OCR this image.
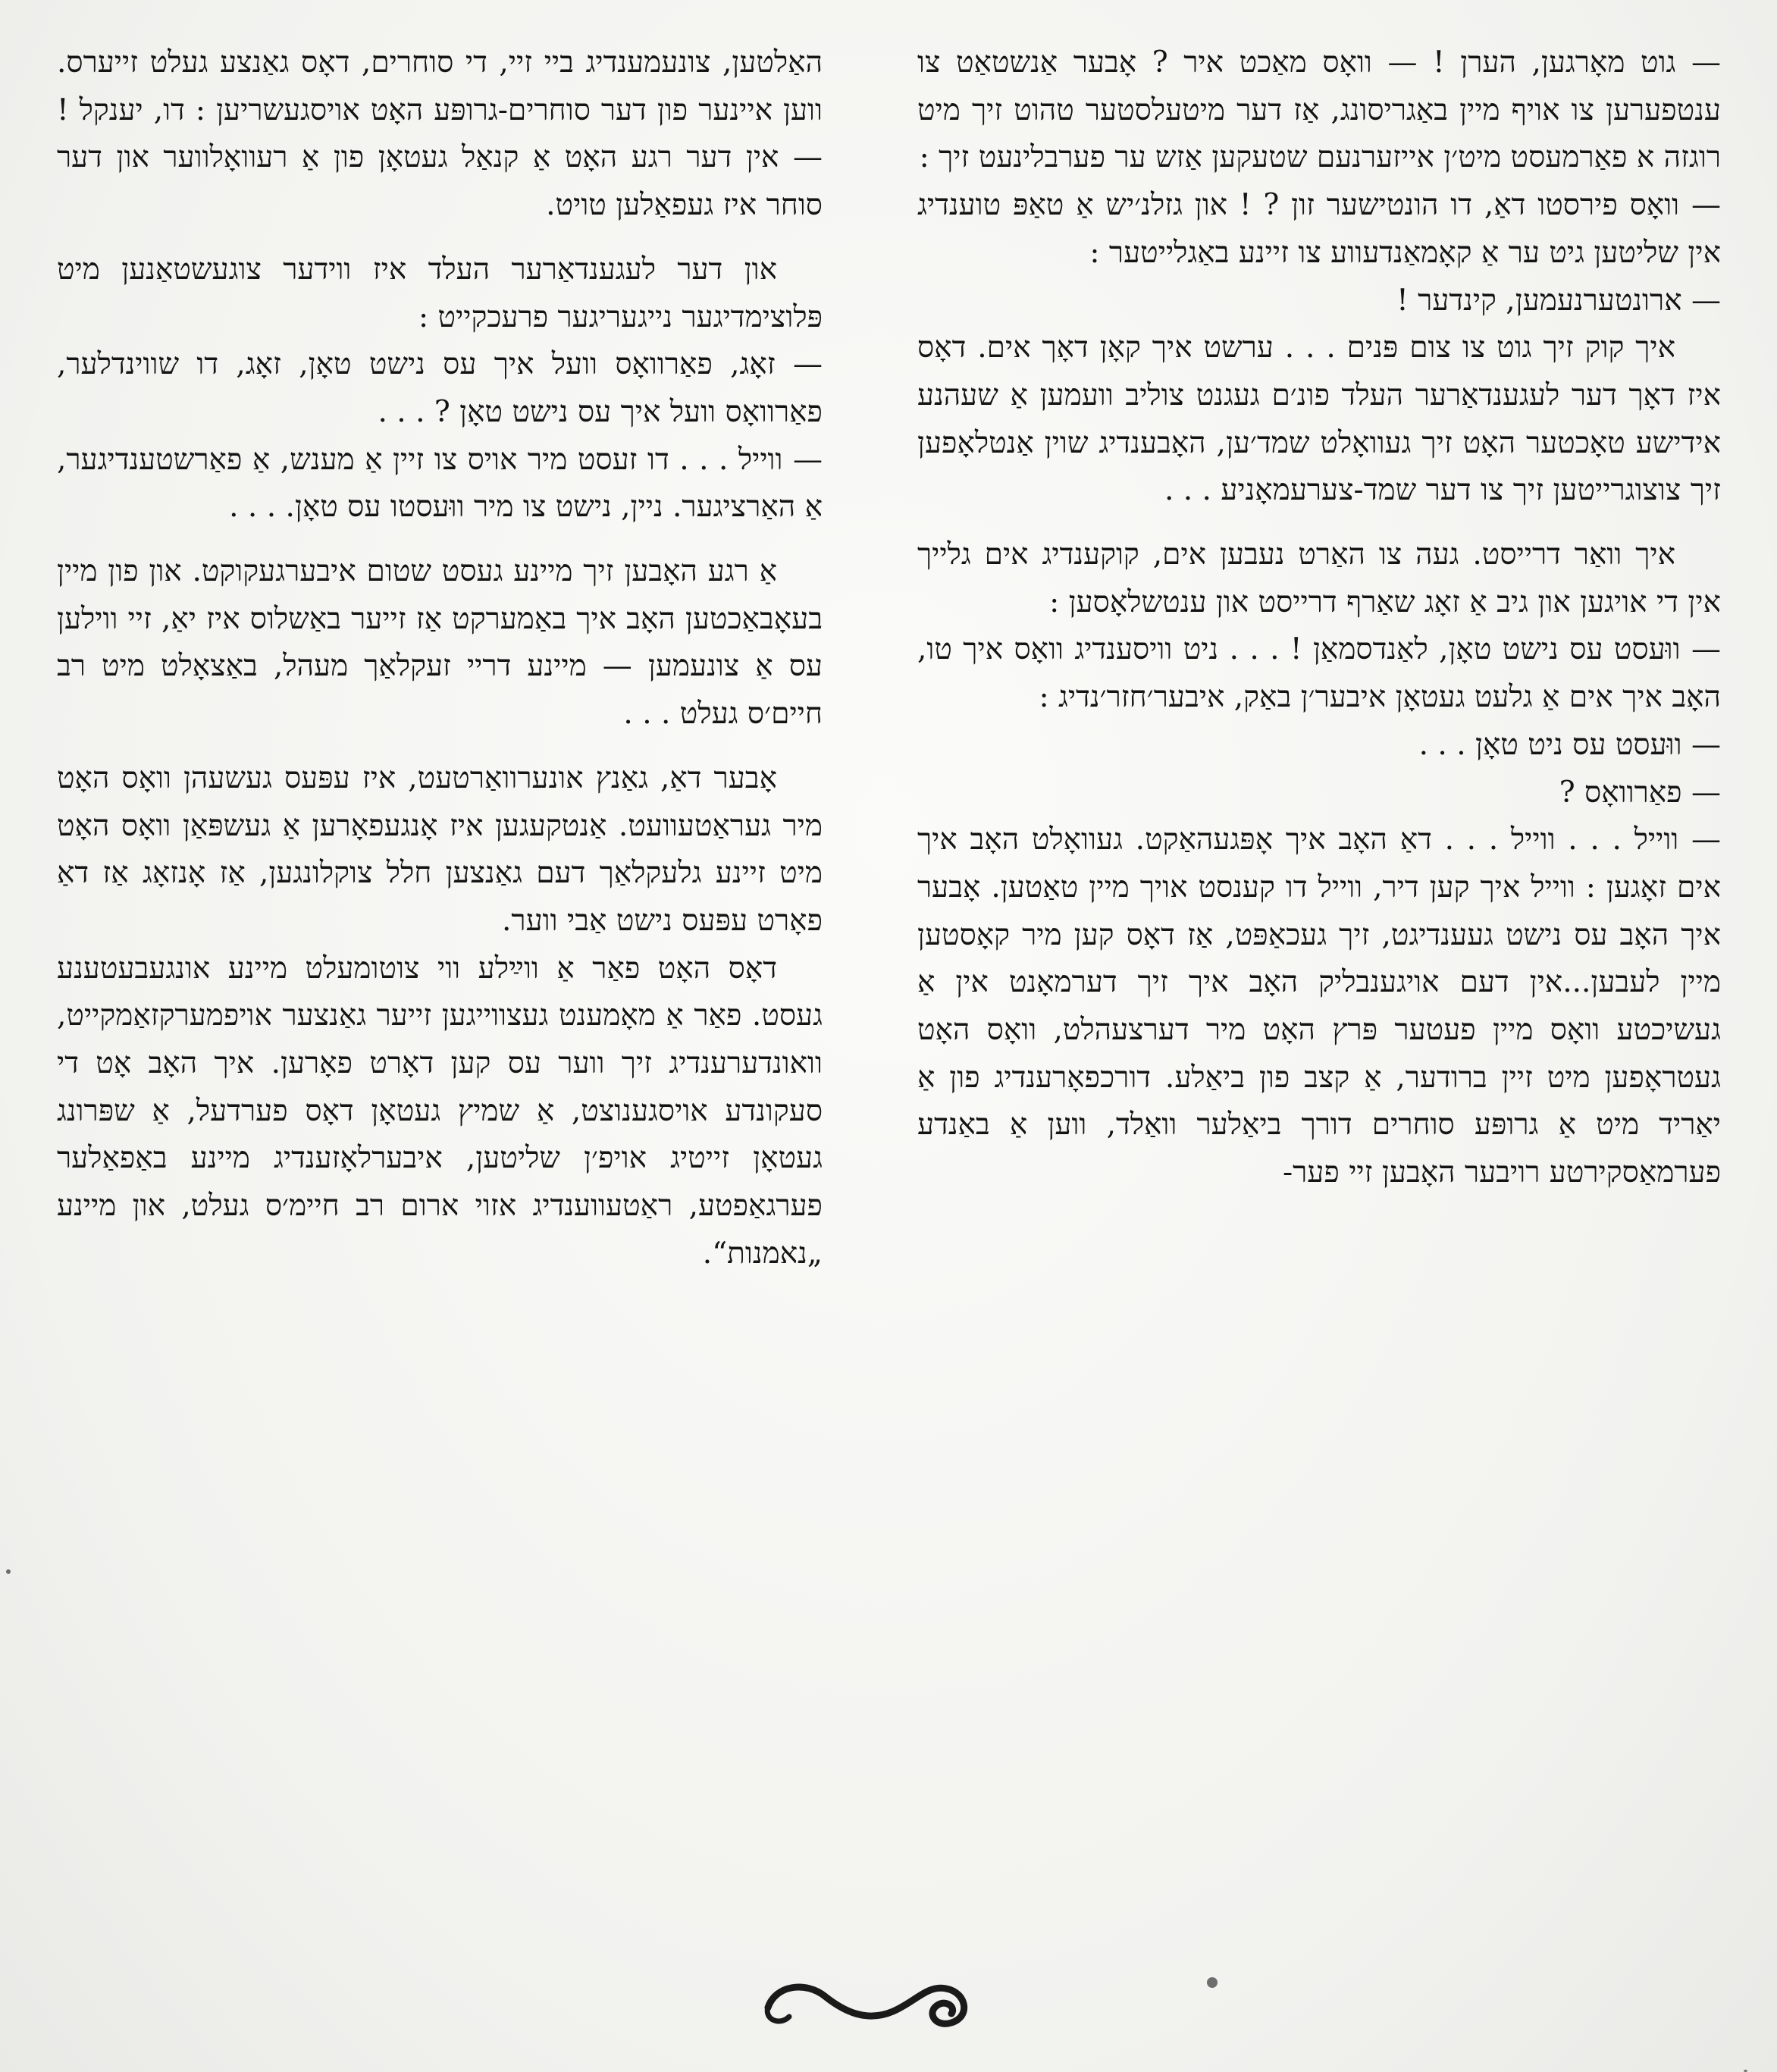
— גוט מאָרגען, הערן ! — וואָס מאַכט איר ? אָבער אַנשטאַט צו ענטפערען צו אויף מיין באַגריסונג, אַז דער מיטעלסטער טהוט זיך מיט רוגזה א פאַרמעסט מיט׳ן אייזערנעם שטעקען אַזש ער פערבלינעט זיך :

— וואָס פירסטו דאַ, דו הונטישער זון ? ! און גזלנ׳יש אַ טאַפּ טוענדיג אין שליטען גיט ער אַ קאָמאַנדעווע צו זיינע באַגלייטער :

— ארונטערנעמען, קינדער !

איך קוק זיך גוט צו צום פּנים . . . ערשט איך קאָן דאָך אים. דאָס איז דאָך דער לעגענדאַרער העלד פונ׳ם געגנט צוליב וועמען אַ שעהנע אידישע טאָכטער האָט זיך געוואָלט שמד׳ען, האָבענדיג שוין אַנטלאָפען זיך צוצוגרייטען זיך צו דער שמד-צערעמאָניע . . .

איך וואַר דרייסט. געה צו האַרט נעבען אים, קוקענדיג אים גלייך אין די אויגען און גיב אַ זאָג שאַרף דרייסט און ענטשלאָסען :

— ווּעסט עס נישט טאָן, לאַנדסמאַן ! . . . ניט וויסענדיג וואָס איך טו, האָב איך אים אַ גלעט געטאָן איבער׳ן באַק, איבער׳חזר׳נדיג :

— ווּעסט עס ניט טאָן . . .

— פאַרוואָס ?

— ווייל . . . ווייל . . . דאַ האָב איך אָפּגעהאַקט. געוואָלט האָב איך אים זאָגען : ווייל איך קען דיר, ווייל דו קענסט אויך מיין טאַטען. אָבער איך האָב עס נישט געענדיגט, זיך געכאַפּט, אַז דאָס קען מיר קאָסטען מיין לעבען...אין דעם אויגענבליק האָב איך זיך דערמאָנט אין אַ געשיכטע וואָס מיין פעטער פּרץ האָט מיר דערצעהלט, וואָס האָט געטראָפען מיט זיין ברודער, אַ קצב פון ביאַלע. דורכפאָרענדיג פון אַ יאַריד מיט אַ גרופּע סוחרים דורך ביאַלער וואַלד, ווען אַ באַנדע פערמאַסקירטע רויבער האָבען זיי פער-

האַלטען, צונעמענדיג ביי זיי, די סוחרים, דאָס גאַנצע געלט זייערס. ווען איינער פון דער סוחרים-גרופּע האָט אויסגעשריען : דו, יענקל ! — אין דער רגע האָט אַ קנאַל געטאָן פון אַ רעוואָלווער און דער סוחר איז געפאַלען טויט.

און דער לעגענדאַרער העלד איז ווידער צוגעשטאַנען מיט פּלוצימדיגער נייגעריגער פרעכקייט :

— זאָג, פאַרוואָס וועל איך עס נישט טאָן, זאָג, דו שווינדלער, פאַרוואָס וועל איך עס נישט טאָן ? . . .

— ווייל . . . דו זעסט מיר אויס צו זיין אַ מענש, אַ פאַרשטענדיגער, אַ האַרציגער. ניין, נישט צו מיר ווּעסטו עס טאָן. . . .

אַ רגע האָבען זיך מיינע געסט שטום איבערגעקוקט. און פון מיין בעאָבאַכטען האָב איך באַמערקט אַז זייער באַשלוס איז יאַ, זיי ווילען עס אַ צונעמען — מיינע דריי זעקלאַך מעהל, באַצאָלט מיט רב חיים׳ס געלט . . .

אָבער דאַ, גאַנץ אונערוואַרטעט, איז עפּעס געשעהן וואָס האָט מיר געראַטעוועט. אַנטקעגען איז אָנגעפאָרען אַ געשפּאַן וואָס האָט מיט זיינע גלעקלאַך דעם גאַנצען חלל צוקלונגען, אַז אָנזאָג אַז דאַ פאָרט עפּעס נישט אַבי ווער.

דאָס האָט פאַר אַ ווײַלע ווי צוטומעלט מיינע אונגעבעטענע געסט. פאַר אַ מאָמענט געצווייגען זייער גאַנצער אויפמערקזאַמקייט, וואונדערענדיג זיך ווער עס קען דאָרט פאָרען. איך האָב אָט די סעקונדע אויסגענוצט, אַ שמיץ געטאָן דאָס פערדעל, אַ שפּרונג געטאָן זייטיג אויפ׳ן שליטען, איבערלאָזענדיג מיינע באַפאַלער פערגאַפטע, ראַטעווענדיג אזוי ארום רב חיימ׳ס געלט, און מיינע „נאמנות“.
